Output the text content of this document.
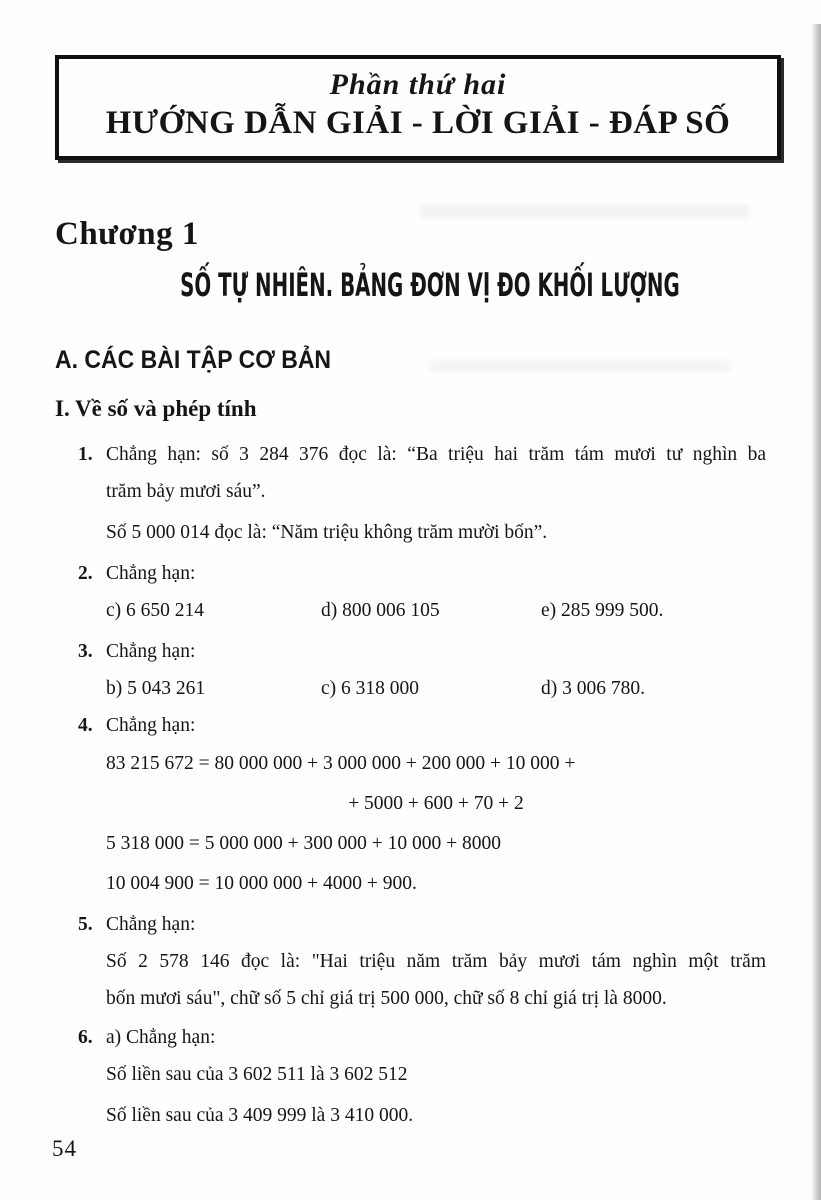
Phần thứ hai
HƯỚNG DẪN GIẢI - LỜI GIẢI - ĐÁP SỐ
Chương 1
SỐ TỰ NHIÊN. BẢNG ĐƠN VỊ ĐO KHỐI LƯỢNG
A. CÁC BÀI TẬP CƠ BẢN
I. Về số và phép tính
1. Chẳng hạn: số 3 284 376 đọc là: “Ba triệu hai trăm tám mươi tư nghìn ba
trăm bảy mươi sáu”.
Số 5 000 014 đọc là: “Năm triệu không trăm mười bốn”.
2. Chẳng hạn:
c) 6 650 214	d) 800 006 105	e) 285 999 500.
3. Chẳng hạn:
b) 5 043 261	c) 6 318 000	d) 3 006 780.
4. Chẳng hạn:
83 215 672 = 80 000 000 + 3 000 000 + 200 000 + 10 000 +
+ 5000 + 600 + 70 + 2
5 318 000 = 5 000 000 + 300 000 + 10 000 + 8000
10 004 900 = 10 000 000 + 4000 + 900.
5. Chẳng hạn:
Số 2 578 146 đọc là: "Hai triệu năm trăm bảy mươi tám nghìn một trăm
bốn mươi sáu", chữ số 5 chỉ giá trị 500 000, chữ số 8 chỉ giá trị là 8000.
6. a) Chẳng hạn:
Số liền sau của 3 602 511 là 3 602 512
Số liền sau của 3 409 999 là 3 410 000.
54
